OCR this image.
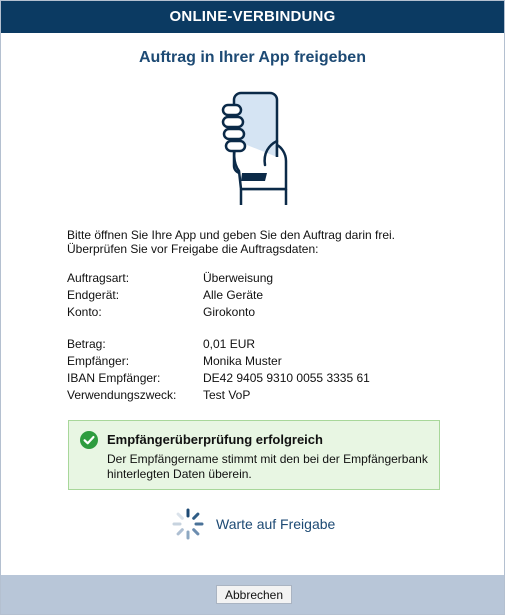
ONLINE-VERBINDUNG
Auftrag in Ihrer App freigeben
Bitte öffnen Sie Ihre App und geben Sie den Auftrag darin frei.
Überprüfen Sie vor Freigabe die Auftragsdaten:
Auftragsart:	Überweisung
Endgerät:	Alle Geräte
Konto:	Girokonto
Betrag:	0,01 EUR
Empfänger:	Monika Muster
IBAN Empfänger:	DE42 9405 9310 0055 3335 61
Verwendungszweck: Test VoP
Empfängerüberprüfung erfolgreich
Der Empfängername stimmt mit den bei der Empfängerbank hinterlegten Daten überein.
Warte auf Freigabe
Abbrechen
